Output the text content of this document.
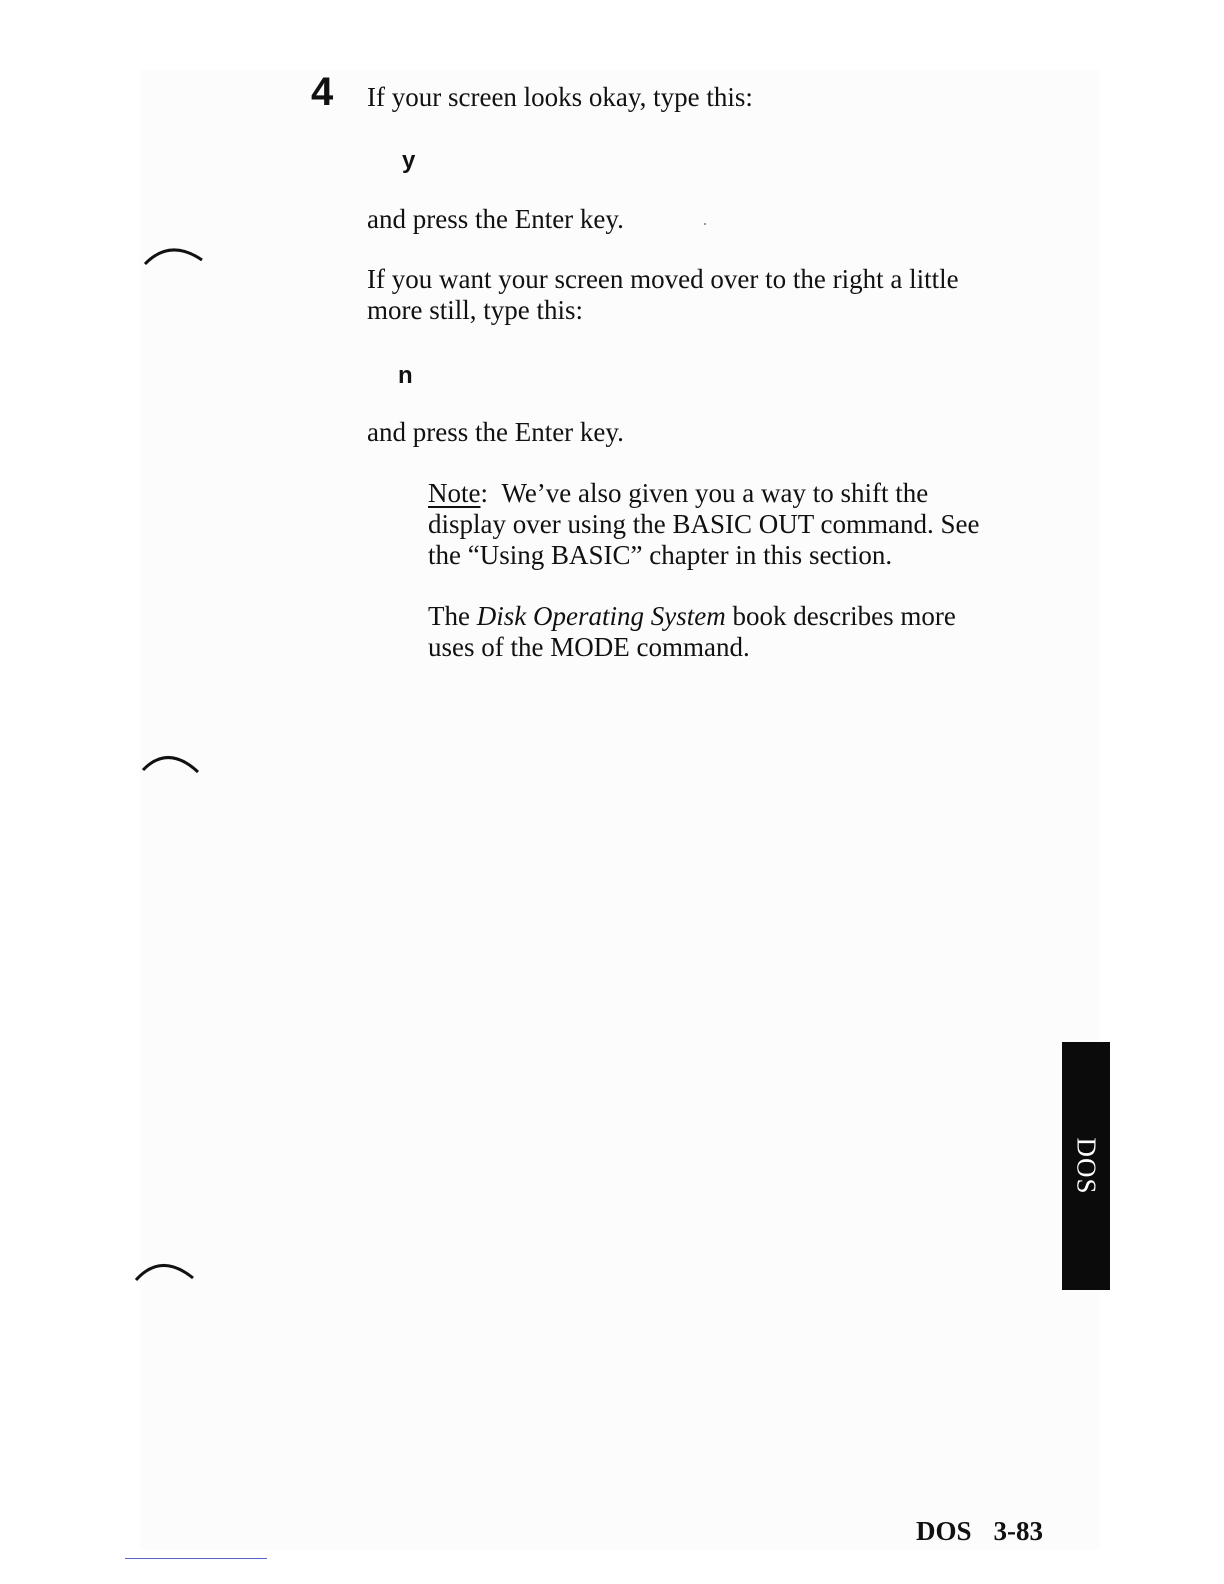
4 If your screen looks okay, type this:
y
and press the Enter key.
If you want your screen moved over to the right a little
more still, type this:
n
and press the Enter key.
Note: We’ve also given you a way to shift the
display over using the BASIC OUT command. See
the “Using BASIC” chapter in this section.
The Disk Operating System book describes more
uses of the MODE command.
DOS
DOS 3-83
